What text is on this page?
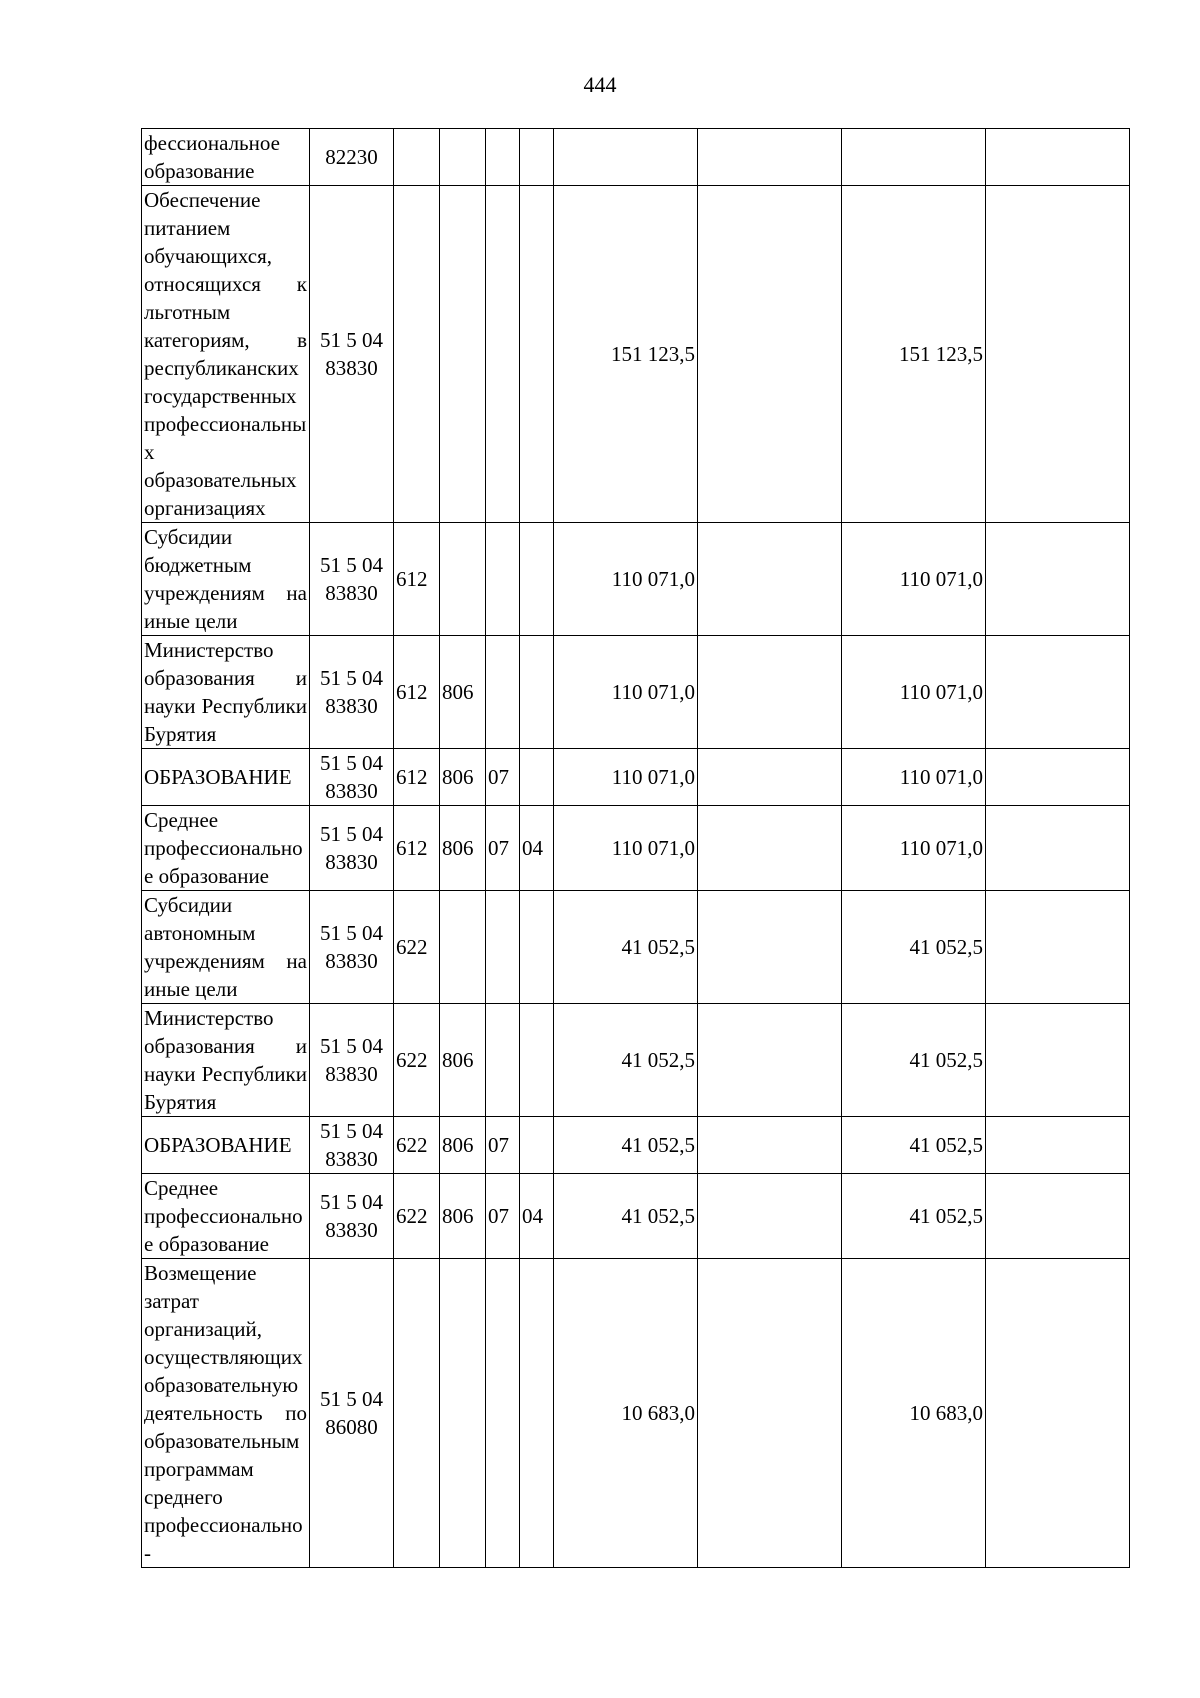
444
фессиональное образование	82230								
Обеспечение питанием обучающихся, относящихся к льготным категориям, в республиканских государственных профессиональных образовательных организациях	51 5 04 83830					151 123,5		151 123,5	
Субсидии бюджетным учреждениям на иные цели	51 5 04 83830	612				110 071,0		110 071,0	
Министерство образования и науки Республики Бурятия	51 5 04 83830	612	806			110 071,0		110 071,0	
ОБРАЗОВАНИЕ	51 5 04 83830	612	806	07		110 071,0		110 071,0	
Среднее профессиональное образование	51 5 04 83830	612	806	07	04	110 071,0		110 071,0	
Субсидии автономным учреждениям на иные цели	51 5 04 83830	622				41 052,5		41 052,5	
Министерство образования и науки Республики Бурятия	51 5 04 83830	622	806			41 052,5		41 052,5	
ОБРАЗОВАНИЕ	51 5 04 83830	622	806	07		41 052,5		41 052,5	
Среднее профессиональное образование	51 5 04 83830	622	806	07	04	41 052,5		41 052,5	
Возмещение затрат организаций, осуществляющих образовательную деятельность по образовательным программам среднего профессионально-	51 5 04 86080					10 683,0		10 683,0	
